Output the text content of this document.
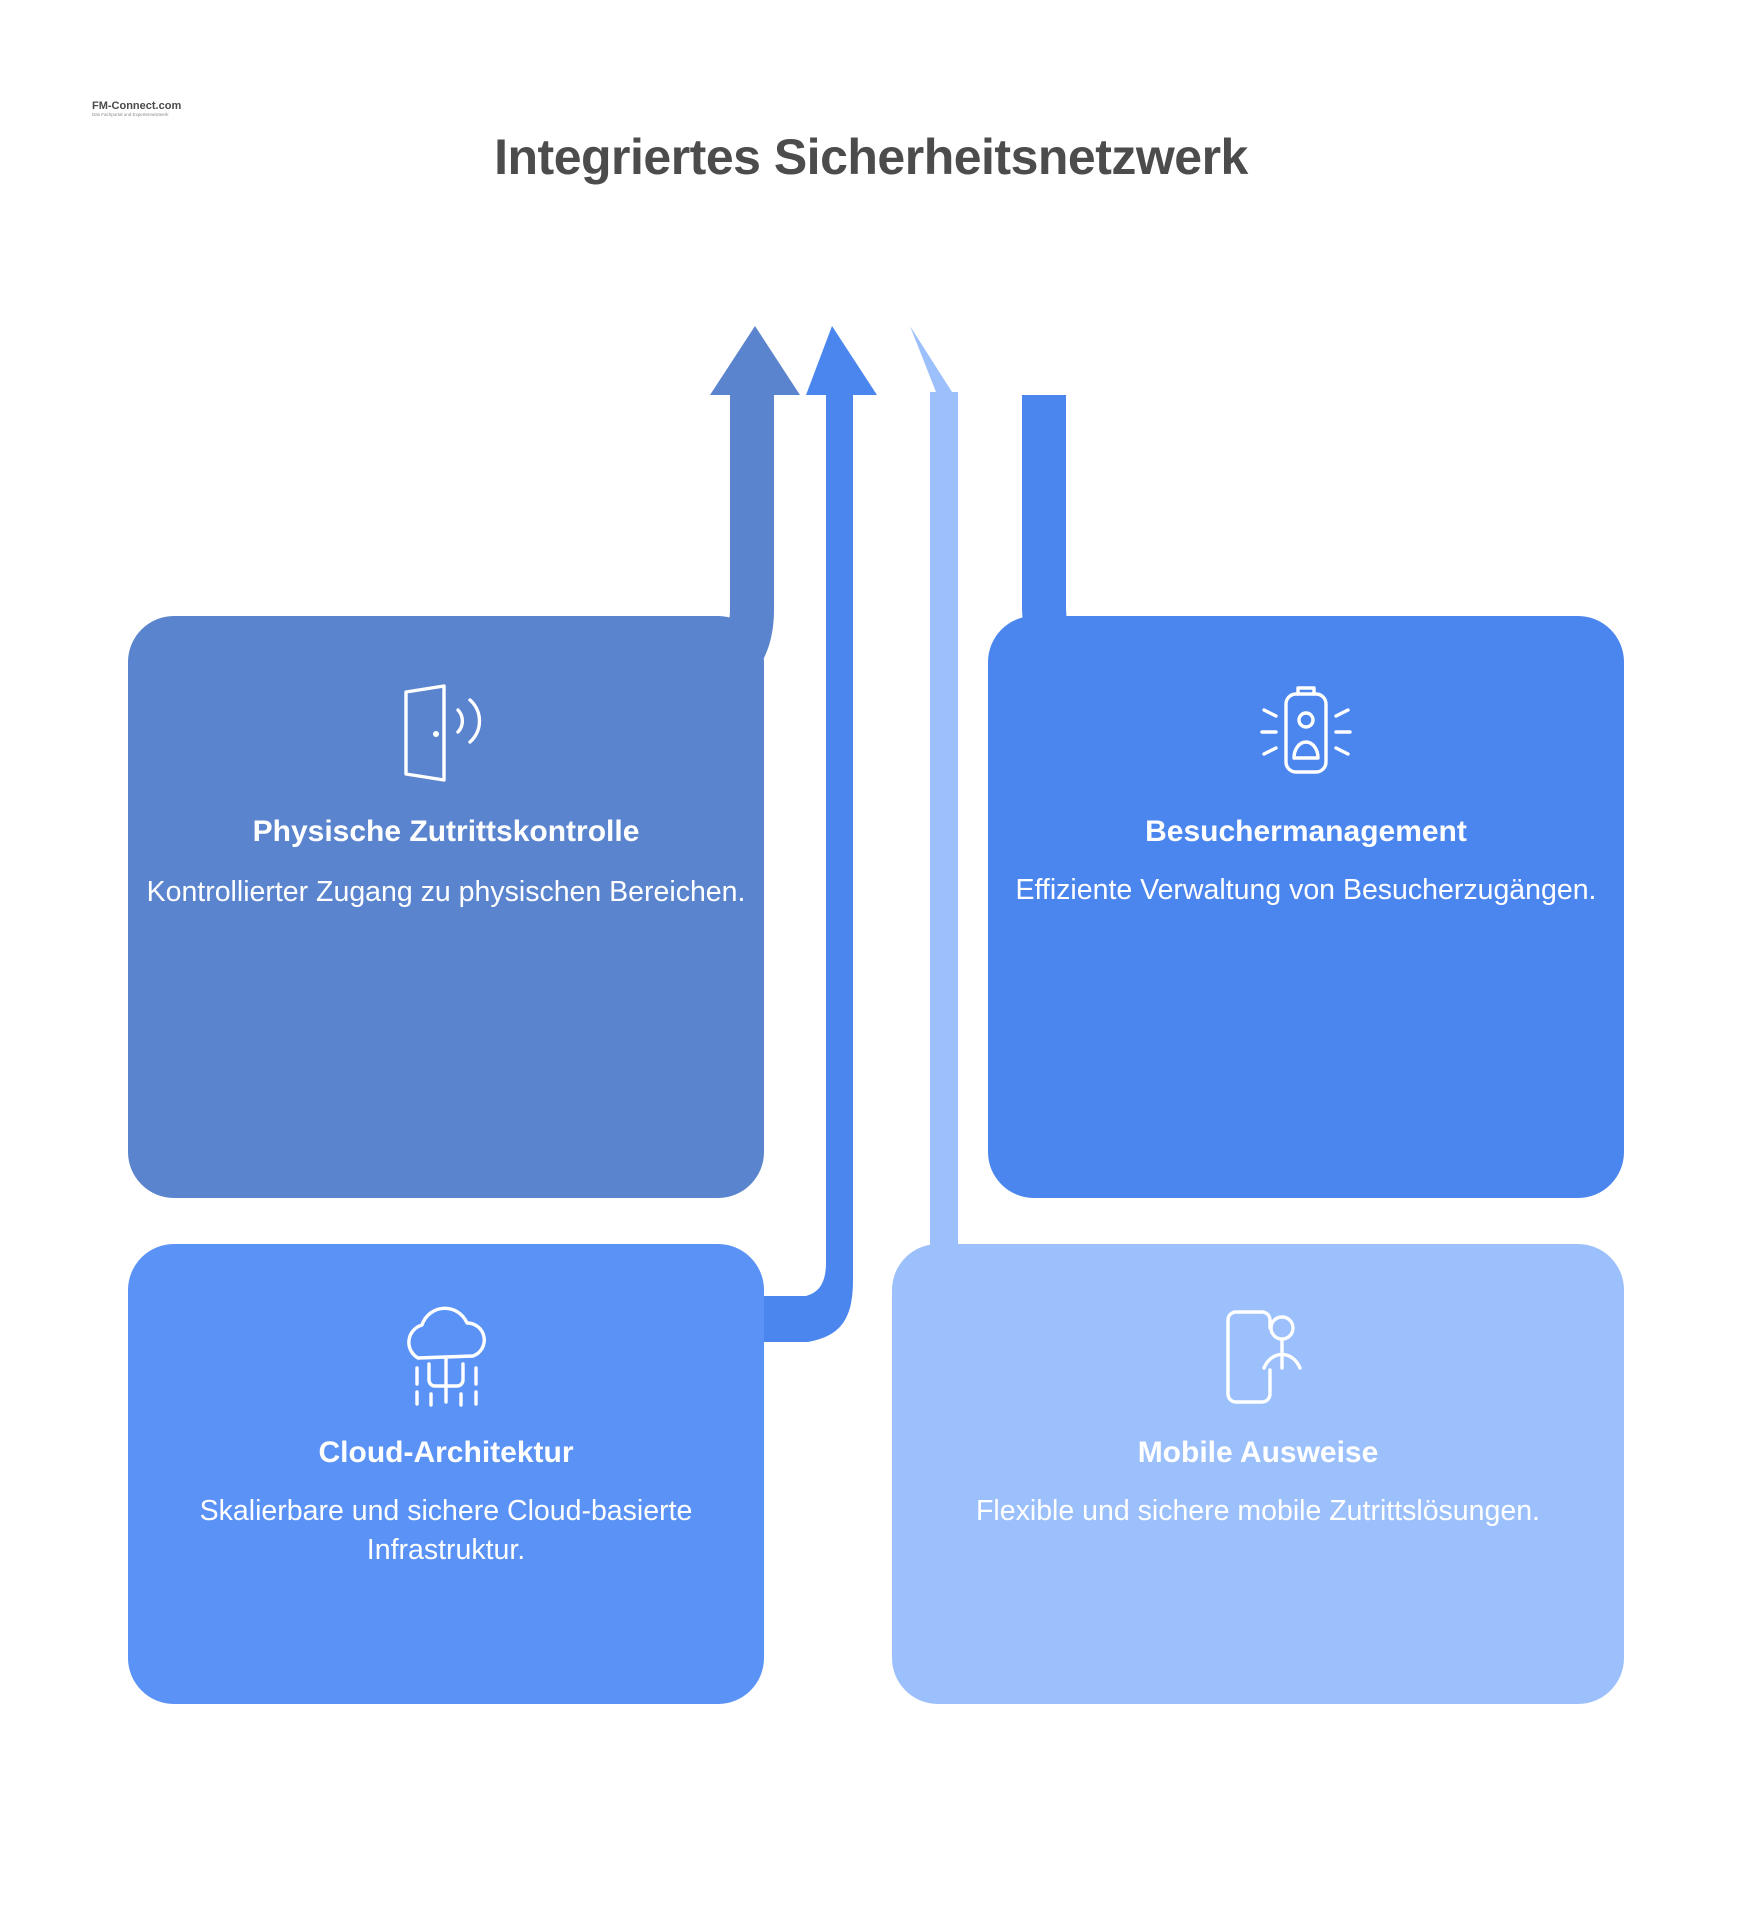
FM-Connect.com
Das Fachportal und Expertennetzwerk
Integriertes Sicherheitsnetzwerk
Physische Zutrittskontrolle
Kontrollierter Zugang zu physischen Bereichen.
Besuchermanagement
Effiziente Verwaltung von Besucherzugängen.
Cloud-Architektur
Skalierbare und sichere Cloud-basierte Infrastruktur.
Mobile Ausweise
Flexible und sichere mobile Zutrittslösungen.
